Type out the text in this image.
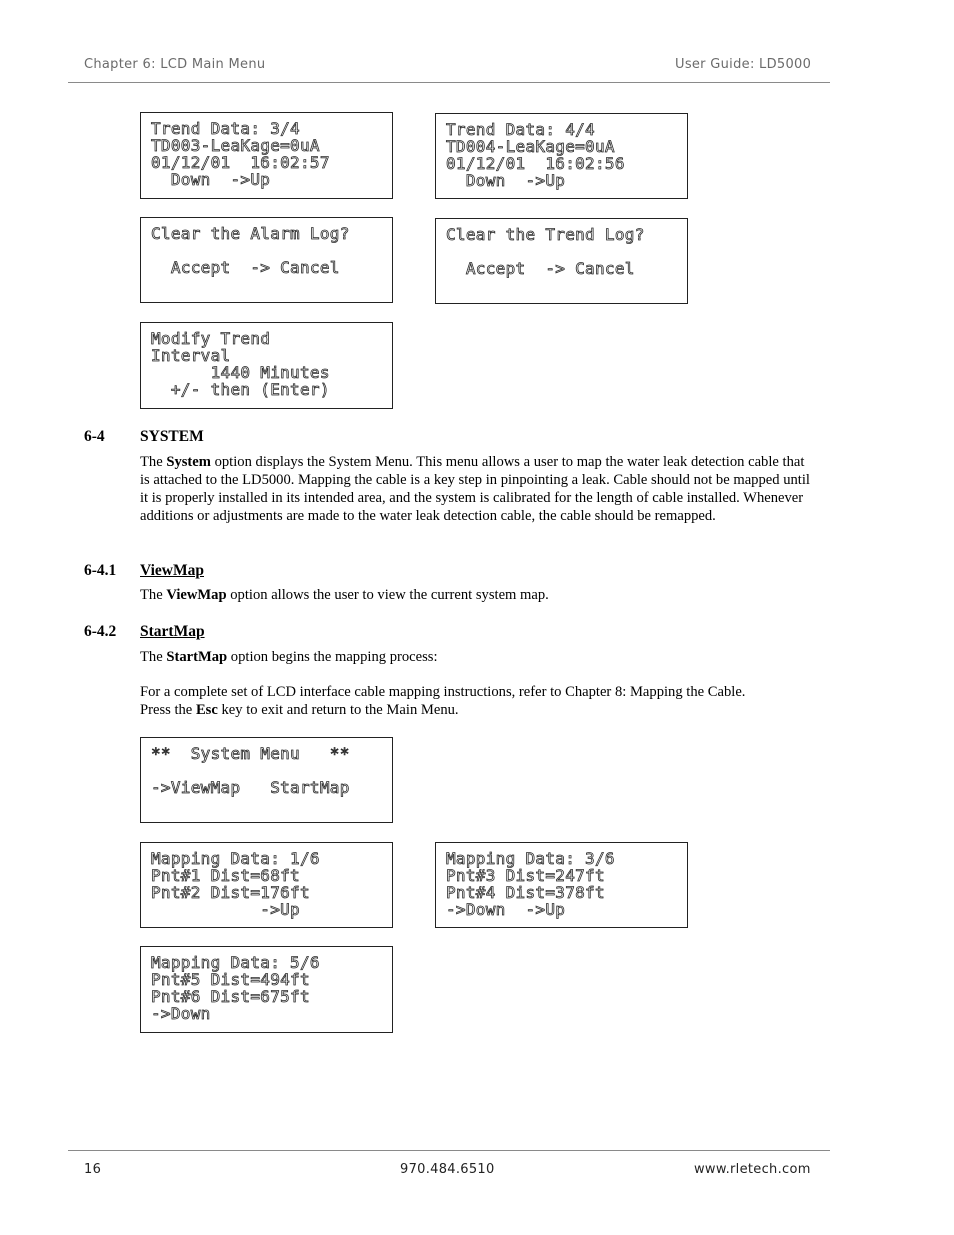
Chapter 6: LCD Main Menu	User Guide: LD5000
Trend Data: 3/4
TD003-LeaKage=0uA
01/12/01  16:02:57
Down  ->Up
Trend Data: 4/4
TD004-LeaKage=0uA
01/12/01  16:02:56
Down  ->Up
Clear the Alarm Log?
Accept  -> Cancel
Clear the Trend Log?
Accept  -> Cancel
Modify Trend
Interval
1440 Minutes
+/- then (Enter)
6-4 SYSTEM
The System option displays the System Menu. This menu allows a user to map the water leak detection cable that is attached to the LD5000. Mapping the cable is a key step in pinpointing a leak. Cable should not be mapped until it is properly installed in its intended area, and the system is calibrated for the length of cable installed. Whenever additions or adjustments are made to the water leak detection cable, the cable should be remapped.
6-4.1 ViewMap
The ViewMap option allows the user to view the current system map.
6-4.2 StartMap
The StartMap option begins the mapping process:
For a complete set of LCD interface cable mapping instructions, refer to Chapter 8: Mapping the Cable.
Press the Esc key to exit and return to the Main Menu.
**  System Menu   **
->ViewMap   StartMap
Mapping Data: 1/6
Pnt#1 Dist=68ft
Pnt#2 Dist=176ft
->Up
Mapping Data: 3/6
Pnt#3 Dist=247ft
Pnt#4 Dist=378ft
->Down  ->Up
Mapping Data: 5/6
Pnt#5 Dist=494ft
Pnt#6 Dist=675ft
->Down
16	970.484.6510	www.rletech.com
